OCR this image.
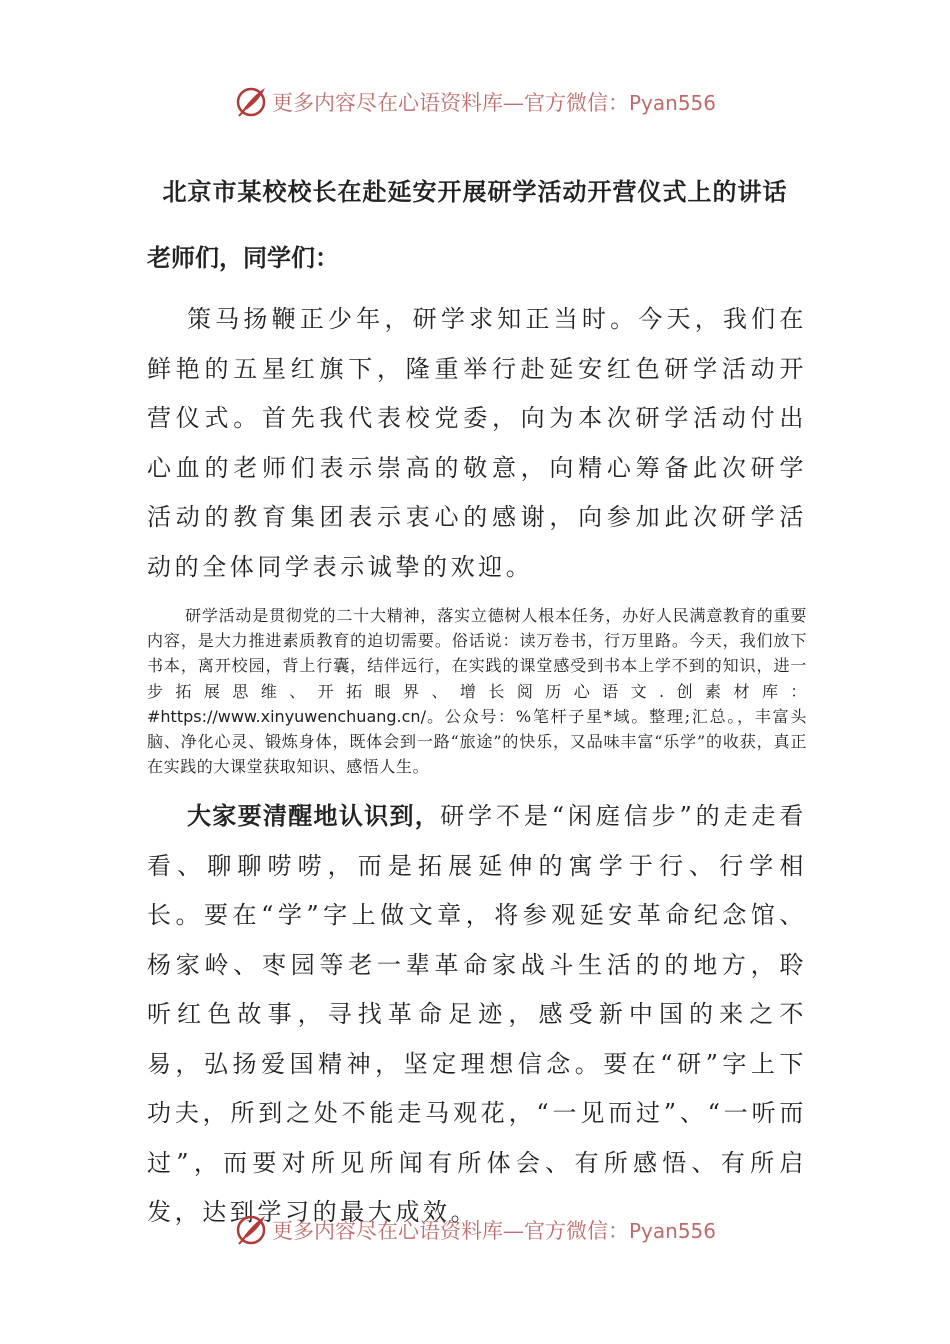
更多内容尽在心语资料库—官方微信：Pyan556
北京市某校校长在赴延安开展研学活动开营仪式上的讲话
老师们，同学们：

策马扬鞭正少年，研学求知正当时。今天，我们在鲜艳的五星红旗下，隆重举行赴延安红色研学活动开营仪式。首先我代表校党委，向为本次研学活动付出心血的老师们表示崇高的敬意，向精心筹备此次研学活动的教育集团表示衷心的感谢，向参加此次研学活动的全体同学表示诚挚的欢迎。

研学活动是贯彻党的二十大精神，落实立德树人根本任务，办好人民满意教育的重要内容，是大力推进素质教育的迫切需要。俗话说：读万卷书，行万里路。今天，我们放下书本，离开校园，背上行囊，结伴远行，在实践的课堂感受到书本上学不到的知识，进一步拓展思维、开拓眼界、增长阅历心语文.创素材库：#https://www.xinyuwenchuang.cn/。公众号：%笔杆子星*域。整理;汇总。，丰富头脑、净化心灵、锻炼身体，既体会到一路“旅途”的快乐，又品味丰富“乐学”的收获，真正在实践的大课堂获取知识、感悟人生。

大家要清醒地认识到，研学不是“闲庭信步”的走走看看、聊聊唠唠，而是拓展延伸的寓学于行、行学相长。要在“学”字上做文章，将参观延安革命纪念馆、杨家岭、枣园等老一辈革命家战斗生活的的地方，聆听红色故事，寻找革命足迹，感受新中国的来之不易，弘扬爱国精神，坚定理想信念。要在“研”字上下功夫，所到之处不能走马观花，“一见而过”、“一听而过”，而要对所见所闻有所体会、有所感悟、有所启发，达到学习的最大成效。

更多内容尽在心语资料库—官方微信：Pyan556
